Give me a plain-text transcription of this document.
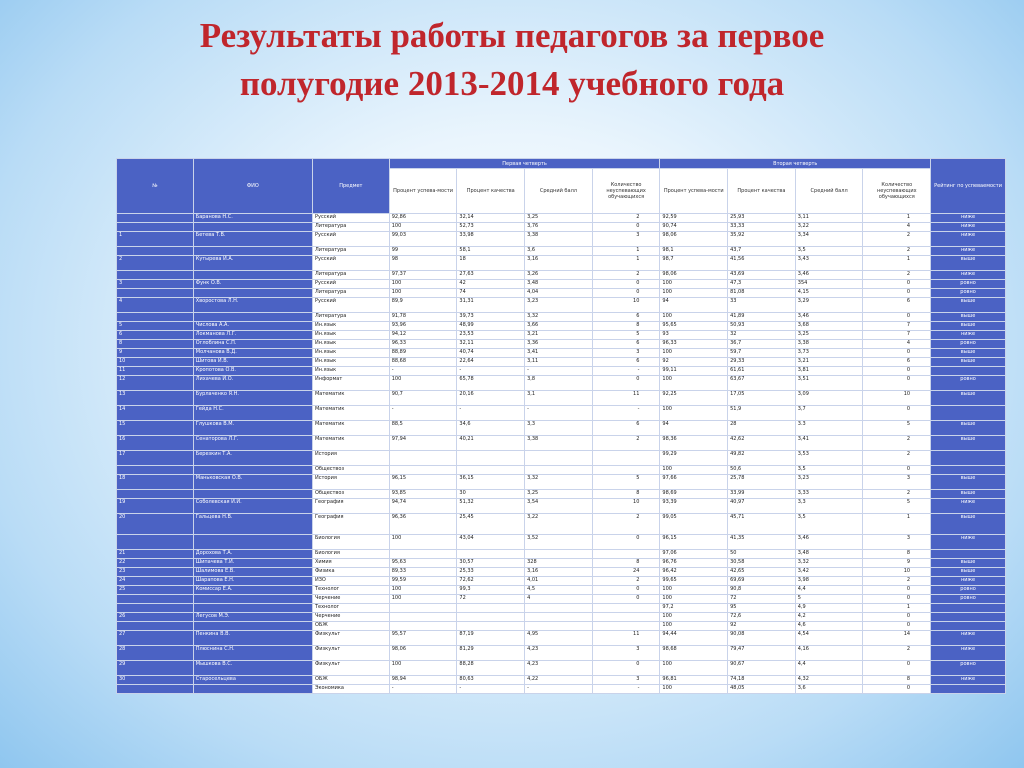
Результаты работы педагогов за первое
полугодие 2013-2014 учебного года
№	ФИО	Предмет	Первая четверть				Вторая четверть				Рейтинг по успеваемости
			Процент успева-мости	Процент качества	Средний балл	Количество неуспевающих обучающихся	Процент успева-мости	Процент качества	Средний балл	Количество неуспевающих обучающихся	
	Баранова Н.С.	Русский	92,86	32,14	3,25	2	92,59	25,93	3,11	1	ниже
		Литература	100	52,73	3,76	0	90,74	33,33	3,22	4	ниже
1	Бетева Т.В.	Русский	99,03	33,98	3,38	3	98,06	35,92	3,34	2	ниже
		Литература	99	58,1	3,6	1	98,1	43,7	3,5	2	ниже
2	Кутырева И.А.	Русский	98	18	3,16	1	98,7	41,56	3,43	1	выше
		Литература	97,37	27,63	3,26	2	98,06	43,69	3,46	2	ниже
3	Функ О.В.	Русский	100	42	3,48	0	100	47,3	354	0	ровно
		Литература	100	74	4,04	0	100	81,08	4,15	0	ровно
4	Хворостова Л.Н.	Русский	89,9	31,31	3,23	10	94	33	3,29	6	выше
		Литература	91,78	39,73	3,32	6	100	41,89	3,46	0	выше
5	Числова А.А.	Ин.язык	93,96	48,99	3,66	8	95,65	50,93	3,68	7	выше
6	Локманова Л.Г.	Ин.язык	94,12	23,53	3,21	5	93	32	3,25	7	ниже
8	Оглоблина С.П.	Ин.язык	96,33	32,11	3,36	6	96,33	36,7	3,38	4	ровно
9	Молчанова В.Д.	Ин.язык	88,89	40,74	3,41	3	100	59,7	3,73	0	выше
10	Шитова И.В.	Ин.язык	88,68	22,64	3,11	6	92	29,33	3,21	6	выше
11	Кропотова О.В.	Ин.язык	-	-	-	-	99,11	61,61	3,81	0	
12	Лихачева И.О.	Информат	100	65,78	3,8	0	100	63,67	3,51	0	ровно
13	Бурлаченко Я.Н.	Математик	90,7	20,16	3,1	11	92,25	17,05	3,09	10	выше
14	Гейда Н.С.	Математик	-	-	-	-	100	51,9	3,7	0	
15	Глушкова В.М.	Математик	88,5	34,6	3,3	6	94	28	3.3	5	выше
16	Сенаторова Л.Г.	Математик	97,94	40,21	3,38	2	98,36	42,62	3,41	2	выше
17	Березкин Т.А.	История					99,29	49,82	3,53	2	
		Обществоз					100	50,6	3,5	0	
18	Маньковская О.В.	История	96,15	36,15	3,32	5	97,66	25,78	3,23	3	выше
		Обществоз	93,85	30	3,25	8	98,69	33,99	3,33	2	выше
19	Соболевская И.И.	География	94,74	51,32	3,54	10	93,39	40,97	3,3	5	ниже
20	Гальцева Н.В.	География	96,36	25,45	3,22	2	99,05	45,71	3,5	1	выше
		Биология	100	43,04	3,52	0	96,15	41,35	3,46	3	ниже
21	Дорохова Т.А.	Биология					97,06	50	3,48	8	
22	Шипачева Т.И.	Химия	95,63	30,57	328	8	96,76	30,58	3,32	9	выше
23	Шалимова Е.В.	Физика	89,33	25,33	3,16	24	96,42	42,65	3,42	10	выше
24	Шарапова Е.Н.	ИЗО	99,59	72,62	4,01	2	99,65	69,69	3,98	2	ниже
25	Комиссар Е.А.	Технолог	100	99,3	4,5	0	100	90,8	4,4	0	ровно
		Черчение	100	72	4	0	100	72	5	0	ровно
		Технолог					97,2	95	4,9	1	
26	Легусов М.Э.	Черчение					100	72,6	4,2	0	
		ОБЖ					100	92	4,6	0	
27	Пенкина В.В.	Физкульт	95,57	87,19	4,95	11	94,44	90,08	4,54	14	ниже
28	Плюснина С.Н.	Физкульт	98,06	81,29	4,23	3	98,68	79,47	4,16	2	ниже
29	Мышкова В.С.	Физкульт	100	88,28	4,23	0	100	90,67	4,4	0	ровно
30	Старосельцева	ОБЖ	98,94	80,63	4,22	3	96,81	74,18	4,32	8	ниже
		Экономика	-	-	-	-	100	48,05	3,6	0	
